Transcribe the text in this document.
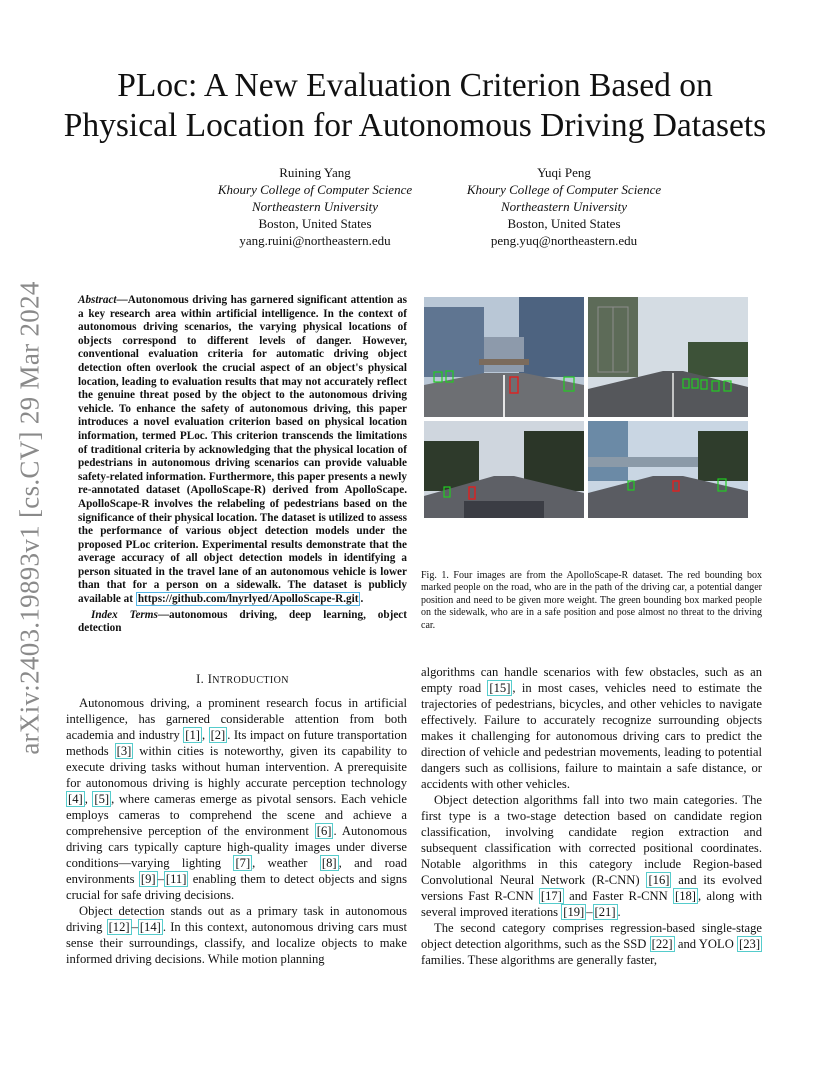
arXiv:2403.19893v1 [cs.CV] 29 Mar 2024
PLoc: A New Evaluation Criterion Based on
Physical Location for Autonomous Driving Datasets
Ruining Yang
Khoury College of Computer Science
Northeastern University
Boston, United States
yang.ruini@northeastern.edu
Yuqi Peng
Khoury College of Computer Science
Northeastern University
Boston, United States
peng.yuq@northeastern.edu
Abstract—Autonomous driving has garnered significant attention as a key research area within artificial intelligence. In the context of autonomous driving scenarios, the varying physical locations of objects correspond to different levels of danger. However, conventional evaluation criteria for automatic driving object detection often overlook the crucial aspect of an object's physical location, leading to evaluation results that may not accurately reflect the genuine threat posed by the object to the autonomous driving vehicle. To enhance the safety of autonomous driving, this paper introduces a novel evaluation criterion based on physical location information, termed PLoc. This criterion transcends the limitations of traditional criteria by acknowledging that the physical location of pedestrians in autonomous driving scenarios can provide valuable safety-related information. Furthermore, this paper presents a newly re-annotated dataset (ApolloScape-R) derived from ApolloScape. ApolloScape-R involves the relabeling of pedestrians based on the significance of their physical location. The dataset is utilized to assess the performance of various object detection models under the proposed PLoc criterion. Experimental results demonstrate that the average accuracy of all object detection models in identifying a person situated in the travel lane of an autonomous vehicle is lower than that for a person on a sidewalk. The dataset is publicly available at https://github.com/lnyrlyed/ApolloScape-R.git .
Index Terms—autonomous driving, deep learning, object detection
Fig. 1. Four images are from the ApolloScape-R dataset. The red bounding box marked people on the road, who are in the path of the driving car, a potential danger position and need to be given more weight. The green bounding box marked people on the sidewalk, who are in a safe position and pose almost no threat to the driving car.
I. INTRODUCTION

Autonomous driving, a prominent research focus in artificial intelligence, has garnered considerable attention from both academia and industry [1] , [2] . Its impact on future transportation methods [3] within cities is noteworthy, given its capability to execute driving tasks without human intervention. A prerequisite for autonomous driving is highly accurate perception technology [4] , [5] , where cameras emerge as pivotal sensors. Each vehicle employs cameras to comprehend the scene and achieve a comprehensive perception of the environment [6] . Autonomous driving cars typically capture high-quality images under diverse conditions—varying lighting [7] , weather [8] , and road environments [9] – [11] enabling them to detect objects and signs crucial for safe driving decisions.

Object detection stands out as a primary task in autonomous driving [12] – [14] . In this context, autonomous driving cars must sense their surroundings, classify, and localize objects to make informed driving decisions. While motion planning

algorithms can handle scenarios with few obstacles, such as an empty road [15] , in most cases, vehicles need to estimate the trajectories of pedestrians, bicycles, and other vehicles to navigate effectively. Failure to accurately recognize surrounding objects makes it challenging for autonomous driving cars to predict the direction of vehicle and pedestrian movements, leading to potential dangers such as collisions, failure to maintain a safe distance, or accidents with other vehicles.

Object detection algorithms fall into two main categories. The first type is a two-stage detection based on candidate region classification, involving candidate region extraction and subsequent classification with corrected positional coordinates. Notable algorithms in this category include Region-based Convolutional Neural Network (R-CNN) [16] and its evolved versions Fast R-CNN [17] and Faster R-CNN [18] , along with several improved iterations [19] – [21] .

The second category comprises regression-based single-stage object detection algorithms, such as the SSD [22] and YOLO [23] families. These algorithms are generally faster,
